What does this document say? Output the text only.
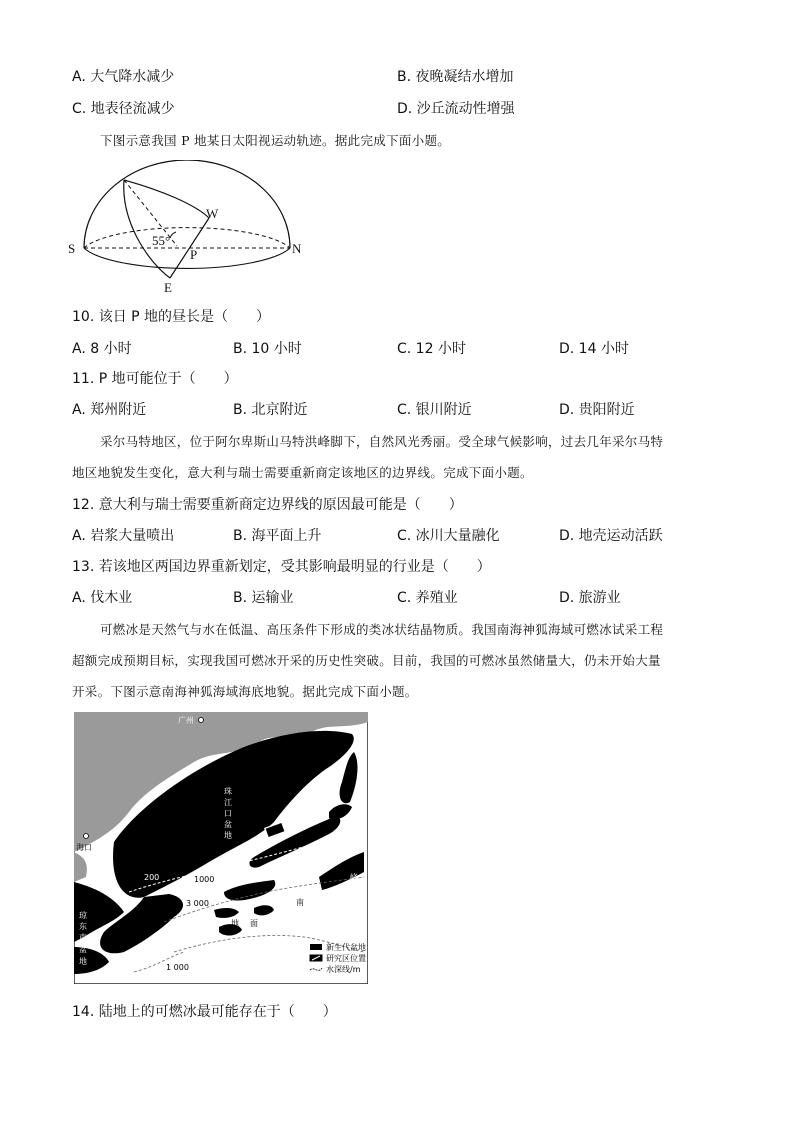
A. 大气降水减少	B. 夜晚凝结水增加
C. 地表径流减少	D. 沙丘流动性增强
下图示意我国 P 地某日太阳视运动轨迹。据此完成下面小题。
S	N
E
W
P
55°
10. 该日 P 地的昼长是（　　）
A. 8 小时	B. 10 小时	C. 12 小时	D. 14 小时
11. P 地可能位于（　　）
A. 郑州附近	B. 北京附近	C. 银川附近	D. 贵阳附近
采尔马特地区，位于阿尔卑斯山马特洪峰脚下，自然风光秀丽。受全球气候影响，过去几年采尔马特
地区地貌发生变化，意大利与瑞士需要重新商定该地区的边界线。完成下面小题。
12. 意大利与瑞士需要重新商定边界线的原因最可能是（　　）
A. 岩浆大量喷出	B. 海平面上升	C. 冰川大量融化	D. 地壳运动活跃
13. 若该地区两国边界重新划定，受其影响最明显的行业是（　　）
A. 伐木业	B. 运输业	C. 养殖业	D. 旅游业
可燃冰是天然气与水在低温、高压条件下形成的类冰状结晶物质。我国南海神狐海域可燃冰试采工程
超额完成预期目标，实现我国可燃冰开采的历史性突破。目前，我国的可燃冰虽然储量大，仍未开始大量
开采。下图示意南海神狐海域海底地貌。据此完成下面小题。
广州
海口
珠
江
口
盆
地
琼
东
南
盆
地
双
峰
南
地 面
200	1000
3 000
1 000
新生代盆地
研究区位置
水深线/m
14. 陆地上的可燃冰最可能存在于（　　）
